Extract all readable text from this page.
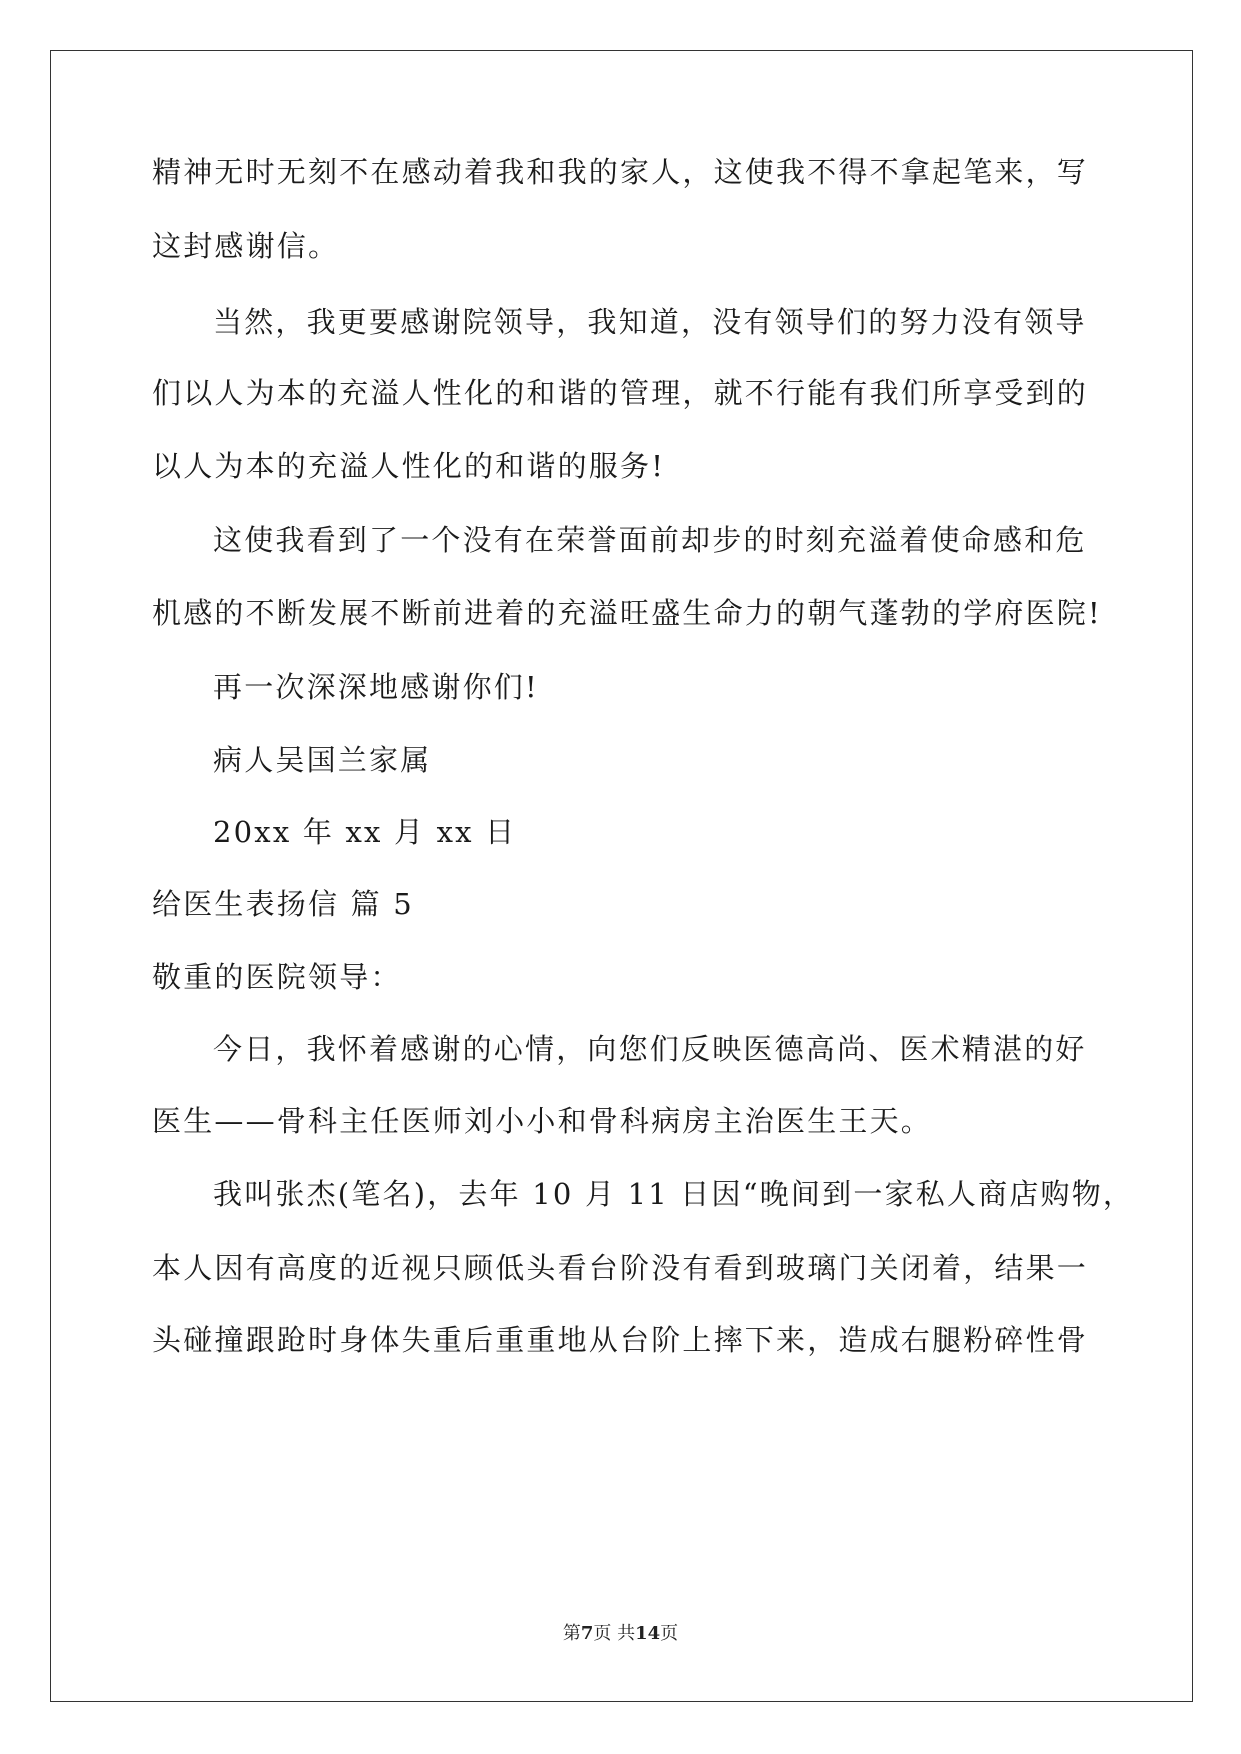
精神无时无刻不在感动着我和我的家人，这使我不得不拿起笔来，写
这封感谢信。
当然，我更要感谢院领导，我知道，没有领导们的努力没有领导
们以人为本的充溢人性化的和谐的管理，就不行能有我们所享受到的
以人为本的充溢人性化的和谐的服务!
这使我看到了一个没有在荣誉面前却步的时刻充溢着使命感和危
机感的不断发展不断前进着的充溢旺盛生命力的朝气蓬勃的学府医院!
再一次深深地感谢你们!
病人吴国兰家属
20xx 年 xx 月 xx 日
给医生表扬信 篇 5
敬重的医院领导：
今日，我怀着感谢的心情，向您们反映医德高尚、医术精湛的好
医生——骨科主任医师刘小小和骨科病房主治医生王天。
我叫张杰(笔名)，去年 10 月 11 日因“晚间到一家私人商店购物，
本人因有高度的近视只顾低头看台阶没有看到玻璃门关闭着，结果一
头碰撞跟跄时身体失重后重重地从台阶上摔下来，造成右腿粉碎性骨
第7页 共14页
